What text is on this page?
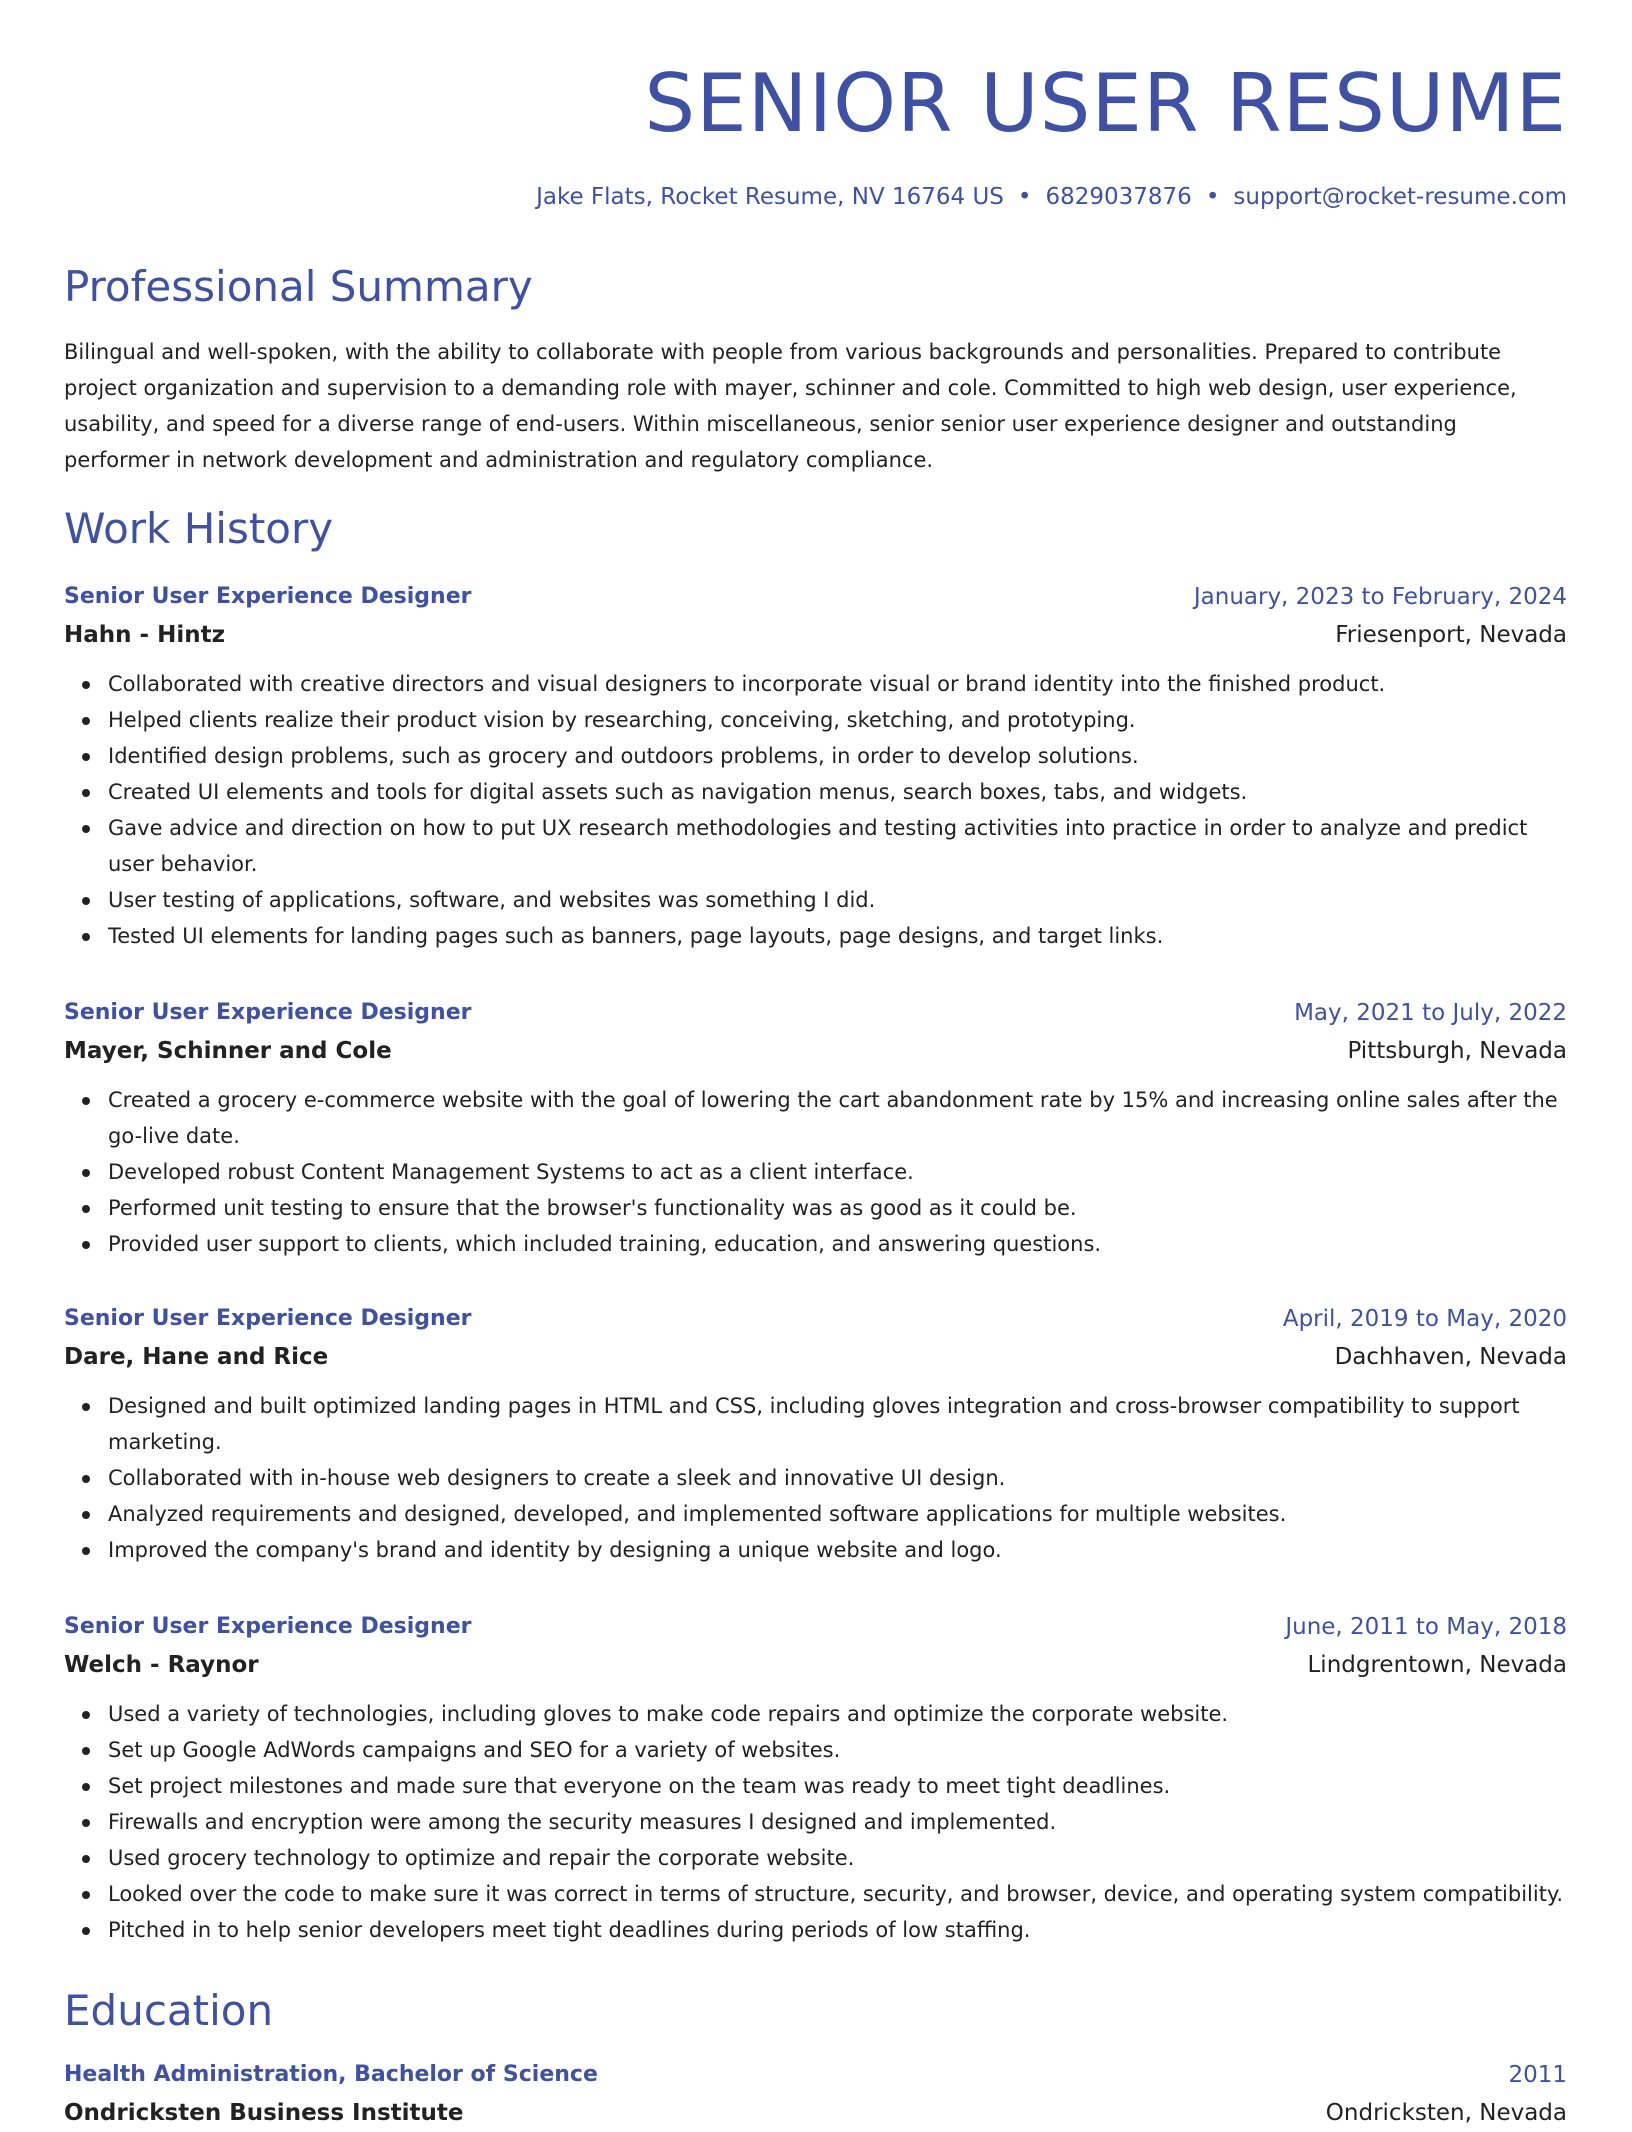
SENIOR USER RESUME
Jake Flats, Rocket Resume, NV 16764 US • 6829037876 • support@rocket-resume.com
Professional Summary

Bilingual and well-spoken, with the ability to collaborate with people from various backgrounds and personalities. Prepared to contribute project organization and supervision to a demanding role with mayer, schinner and cole. Committed to high web design, user experience, usability, and speed for a diverse range of end-users. Within miscellaneous, senior senior user experience designer and outstanding performer in network development and administration and regulatory compliance.

Work History
Senior User Experience Designer	January, 2023 to February, 2024
Hahn - Hintz	Friesenport, Nevada
Collaborated with creative directors and visual designers to incorporate visual or brand identity into the finished product.
Helped clients realize their product vision by researching, conceiving, sketching, and prototyping.
Identified design problems, such as grocery and outdoors problems, in order to develop solutions.
Created UI elements and tools for digital assets such as navigation menus, search boxes, tabs, and widgets.
Gave advice and direction on how to put UX research methodologies and testing activities into practice in order to analyze and predict user behavior.
User testing of applications, software, and websites was something I did.
Tested UI elements for landing pages such as banners, page layouts, page designs, and target links.
Senior User Experience Designer	May, 2021 to July, 2022
Mayer, Schinner and Cole	Pittsburgh, Nevada
Created a grocery e-commerce website with the goal of lowering the cart abandonment rate by 15% and increasing online sales after the go-live date.
Developed robust Content Management Systems to act as a client interface.
Performed unit testing to ensure that the browser's functionality was as good as it could be.
Provided user support to clients, which included training, education, and answering questions.
Senior User Experience Designer	April, 2019 to May, 2020
Dare, Hane and Rice	Dachhaven, Nevada
Designed and built optimized landing pages in HTML and CSS, including gloves integration and cross-browser compatibility to support marketing.
Collaborated with in-house web designers to create a sleek and innovative UI design.
Analyzed requirements and designed, developed, and implemented software applications for multiple websites.
Improved the company's brand and identity by designing a unique website and logo.
Senior User Experience Designer	June, 2011 to May, 2018
Welch - Raynor	Lindgrentown, Nevada
Used a variety of technologies, including gloves to make code repairs and optimize the corporate website.
Set up Google AdWords campaigns and SEO for a variety of websites.
Set project milestones and made sure that everyone on the team was ready to meet tight deadlines.
Firewalls and encryption were among the security measures I designed and implemented.
Used grocery technology to optimize and repair the corporate website.
Looked over the code to make sure it was correct in terms of structure, security, and browser, device, and operating system compatibility.
Pitched in to help senior developers meet tight deadlines during periods of low staffing.
Education
Health Administration, Bachelor of Science	2011
Ondricksten Business Institute	Ondricksten, Nevada
